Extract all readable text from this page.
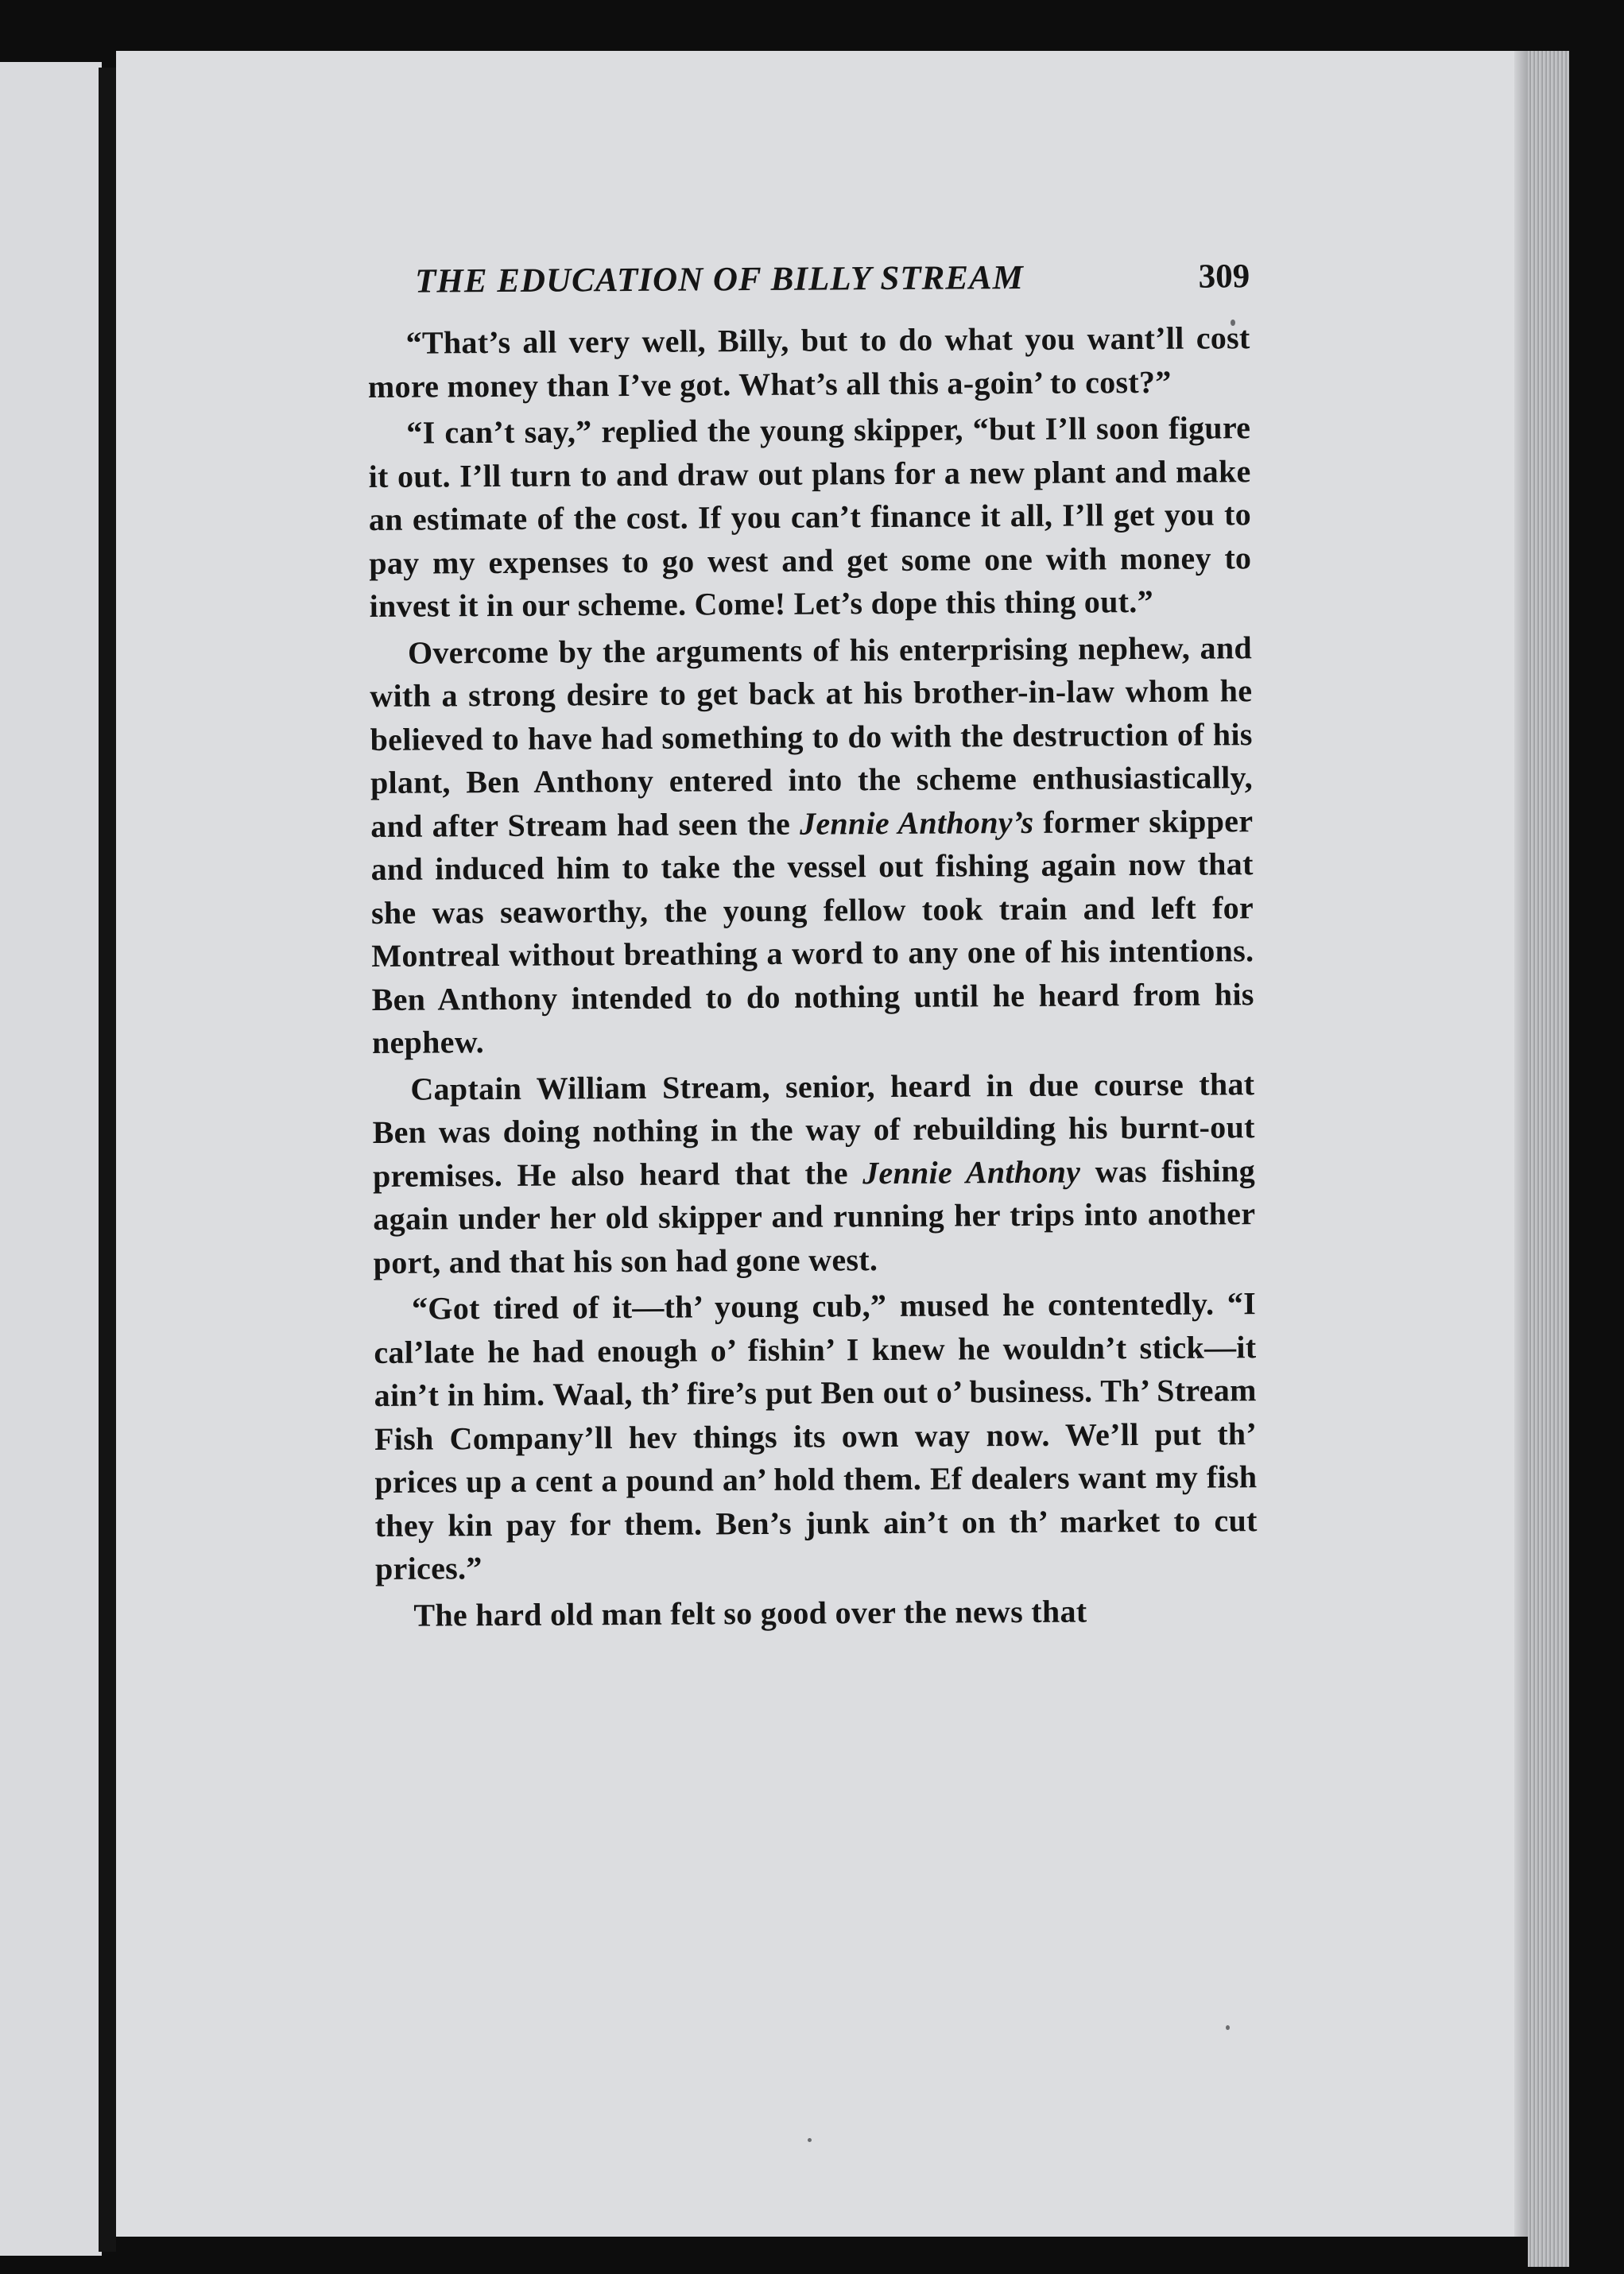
THE EDUCATION OF BILLY STREAM	309

“That’s all very well, Billy, but to do what you want’ll cost more money than I’ve got. What’s all this a-goin’ to cost?”

“I can’t say,” replied the young skipper, “but I’ll soon figure it out. I’ll turn to and draw out plans for a new plant and make an estimate of the cost. If you can’t finance it all, I’ll get you to pay my expenses to go west and get some one with money to invest it in our scheme. Come! Let’s dope this thing out.”

Overcome by the arguments of his enterprising nephew, and with a strong desire to get back at his brother-in-law whom he believed to have had something to do with the destruction of his plant, Ben Anthony entered into the scheme enthusiastically, and after Stream had seen the Jennie Anthony’s former skipper and induced him to take the vessel out fishing again now that she was seaworthy, the young fellow took train and left for Montreal without breathing a word to any one of his intentions. Ben Anthony intended to do nothing until he heard from his nephew.

Captain William Stream, senior, heard in due course that Ben was doing nothing in the way of rebuilding his burnt-out premises. He also heard that the Jennie Anthony was fishing again under her old skipper and running her trips into another port, and that his son had gone west.

“Got tired of it—th’ young cub,” mused he contentedly. “I cal’late he had enough o’ fishin’ I knew he wouldn’t stick—it ain’t in him. Waal, th’ fire’s put Ben out o’ business. Th’ Stream Fish Company’ll hev things its own way now. We’ll put th’ prices up a cent a pound an’ hold them. Ef dealers want my fish they kin pay for them. Ben’s junk ain’t on th’ market to cut prices.”

The hard old man felt so good over the news that
